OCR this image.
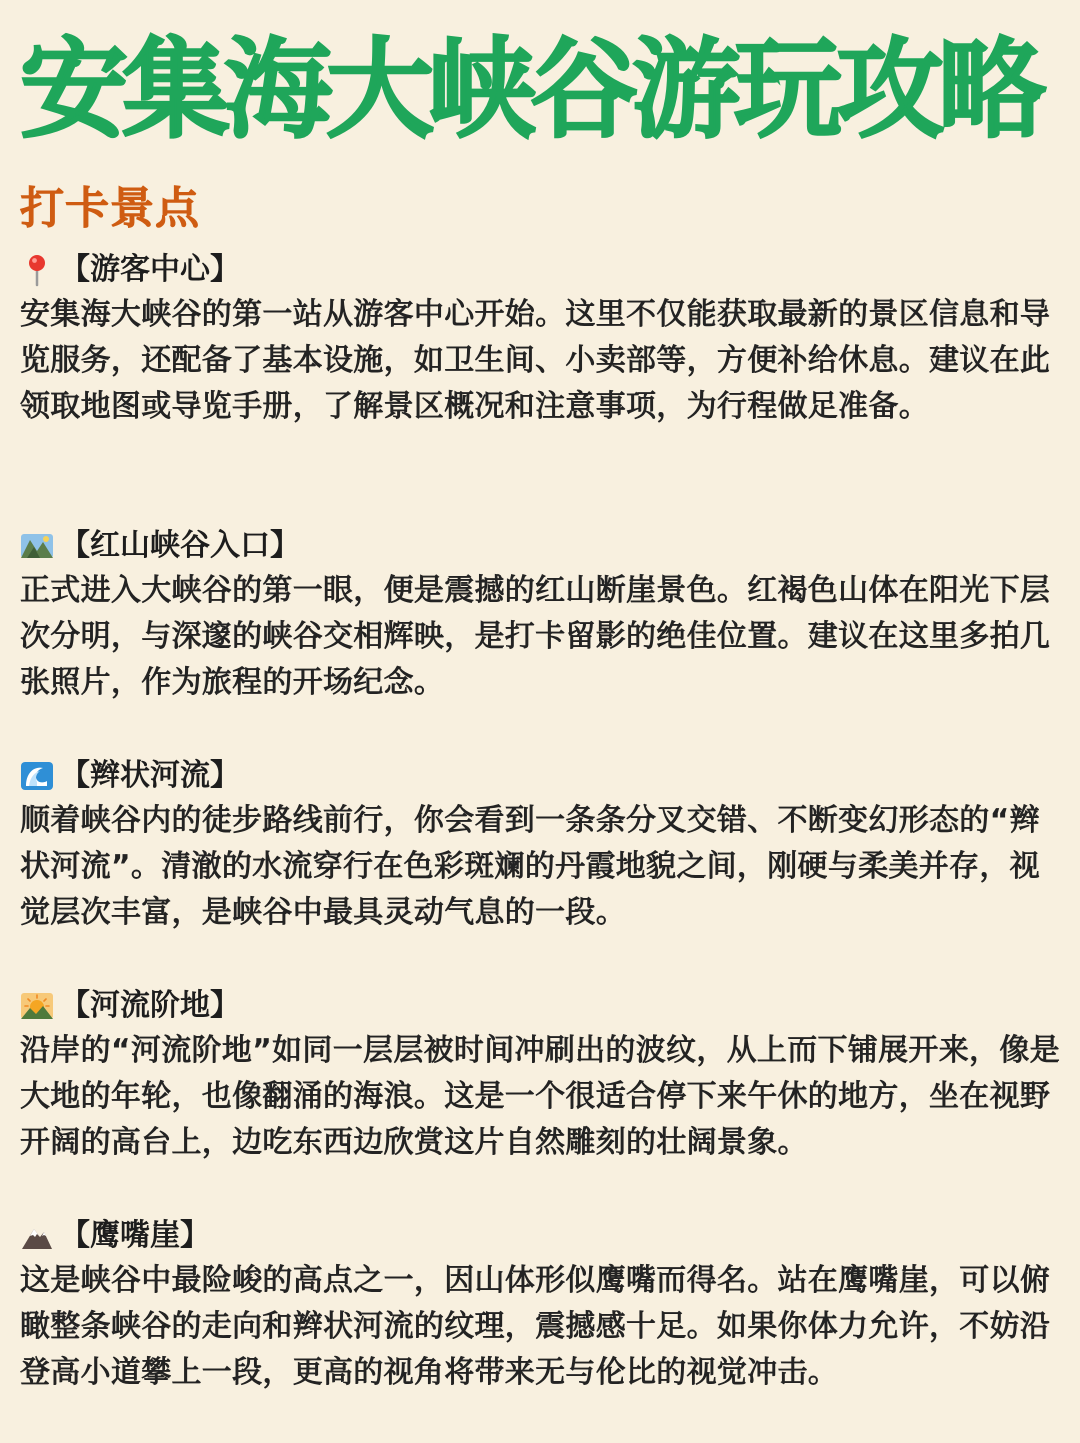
安集海大峡谷游玩攻略
打卡景点
【游客中心】

安集海大峡谷的第一站从游客中心开始。这里不仅能获取最新的景区信息和导览服务，还配备了基本设施，如卫生间、小卖部等，方便补给休息。建议在此领取地图或导览手册，了解景区概况和注意事项，为行程做足准备。

【红山峡谷入口】

正式进入大峡谷的第一眼，便是震撼的红山断崖景色。红褐色山体在阳光下层次分明，与深邃的峡谷交相辉映，是打卡留影的绝佳位置。建议在这里多拍几张照片，作为旅程的开场纪念。

【辫状河流】

顺着峡谷内的徒步路线前行，你会看到一条条分叉交错、不断变幻形态的“辫状河流”。清澈的水流穿行在色彩斑斓的丹霞地貌之间，刚硬与柔美并存，视觉层次丰富，是峡谷中最具灵动气息的一段。

【河流阶地】

沿岸的“河流阶地”如同一层层被时间冲刷出的波纹，从上而下铺展开来，像是大地的年轮，也像翻涌的海浪。这是一个很适合停下来午休的地方，坐在视野开阔的高台上，边吃东西边欣赏这片自然雕刻的壮阔景象。

【鹰嘴崖】

这是峡谷中最险峻的高点之一，因山体形似鹰嘴而得名。站在鹰嘴崖，可以俯瞰整条峡谷的走向和辫状河流的纹理，震撼感十足。如果你体力允许，不妨沿登高小道攀上一段，更高的视角将带来无与伦比的视觉冲击。
